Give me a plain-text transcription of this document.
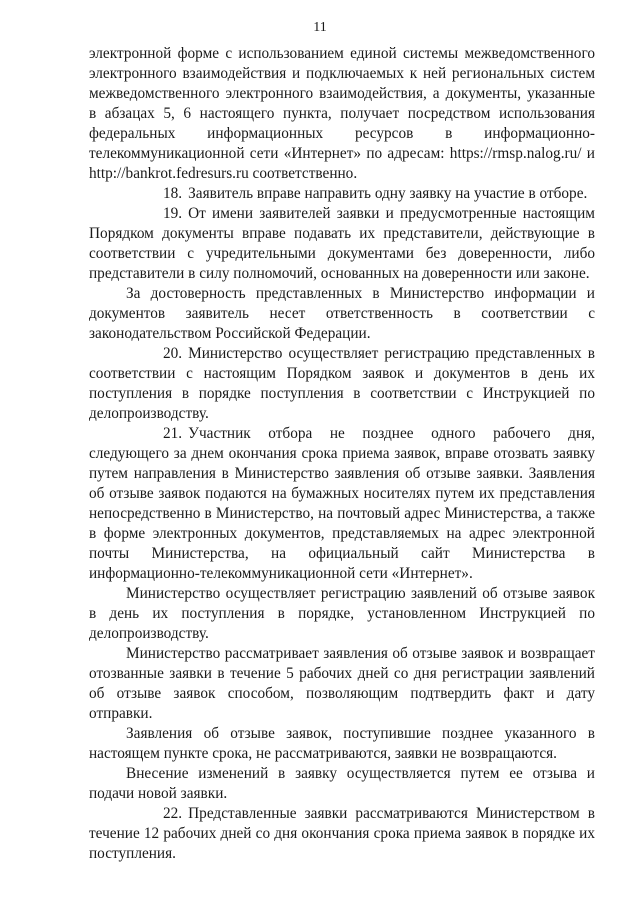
11

электронной форме с использованием единой системы межведомственного электронного взаимодействия и подключаемых к ней региональных систем межведомственного электронного взаимодействия, а документы, указанные в абзацах 5, 6 настоящего пункта, получает посредством использования федеральных информационных ресурсов в информационно-телекоммуникационной сети «Интернет» по адресам: https://rmsp.nalog.ru/ и http://bankrot.fedresurs.ru соответственно.

18. Заявитель вправе направить одну заявку на участие в отборе.

19. От имени заявителей заявки и предусмотренные настоящим Порядком документы вправе подавать их представители, действующие в соответствии с учредительными документами без доверенности, либо представители в силу полномочий, основанных на доверенности или законе.

За достоверность представленных в Министерство информации и документов заявитель несет ответственность в соответствии с законодательством Российской Федерации.

20. Министерство осуществляет регистрацию представленных в соответствии с настоящим Порядком заявок и документов в день их поступления в порядке поступления в соответствии с Инструкцией по делопроизводству.

21. Участник отбора не позднее одного рабочего дня, следующего за днем окончания срока приема заявок, вправе отозвать заявку путем направления в Министерство заявления об отзыве заявки. Заявления об отзыве заявок подаются на бумажных носителях путем их представления непосредственно в Министерство, на почтовый адрес Министерства, а также в форме электронных документов, представляемых на адрес электронной почты Министерства, на официальный сайт Министерства в информационно-телекоммуникационной сети «Интернет».

Министерство осуществляет регистрацию заявлений об отзыве заявок в день их поступления в порядке, установленном Инструкцией по делопроизводству.

Министерство рассматривает заявления об отзыве заявок и возвращает отозванные заявки в течение 5 рабочих дней со дня регистрации заявлений об отзыве заявок способом, позволяющим подтвердить факт и дату отправки.

Заявления об отзыве заявок, поступившие позднее указанного в настоящем пункте срока, не рассматриваются, заявки не возвращаются.

Внесение изменений в заявку осуществляется путем ее отзыва и подачи новой заявки.

22. Представленные заявки рассматриваются Министерством в течение 12 рабочих дней со дня окончания срока приема заявок в порядке их поступления.
